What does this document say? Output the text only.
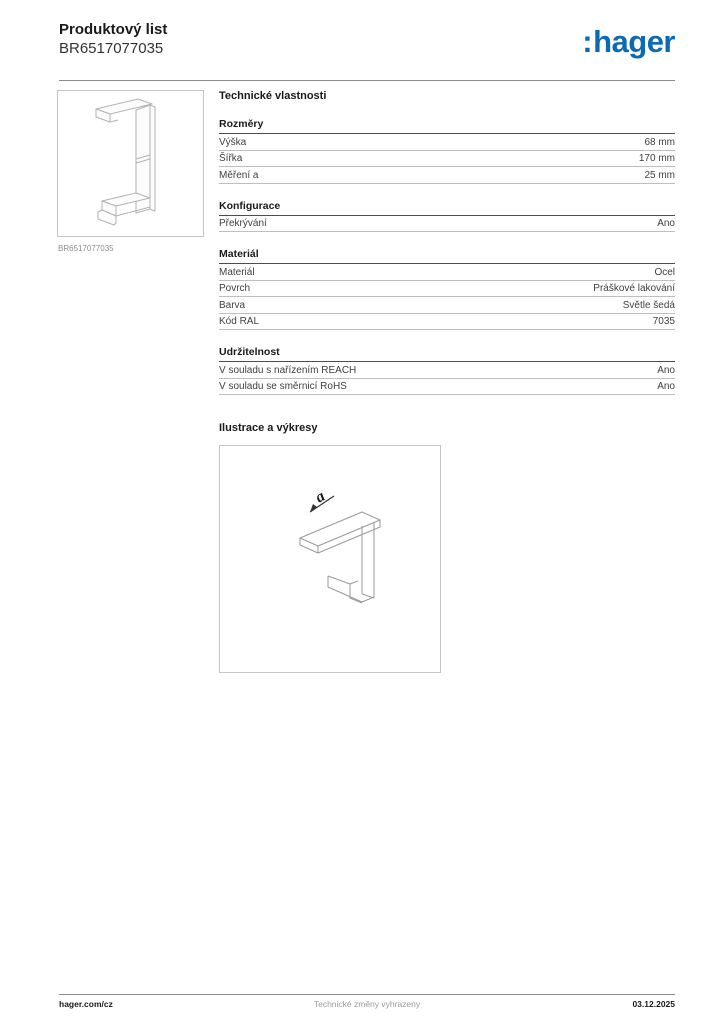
Produktový list
BR6517077035	:hager
BR6517077035
Technické vlastnosti
Rozměry
Výška	68 mm
Šířka	170 mm
Měření a	25 mm
Konfigurace
Překrývání	Ano
Materiál
Materiál	Ocel
Povrch	Práškové lakování
Barva	Světle šedá
Kód RAL	7035
Udržitelnost
V souladu s nařízením REACH	Ano
V souladu se směrnicí RoHS	Ano
Ilustrace a výkresy
a
hager.com/cz	Technické změny vyhrazeny	03.12.2025
